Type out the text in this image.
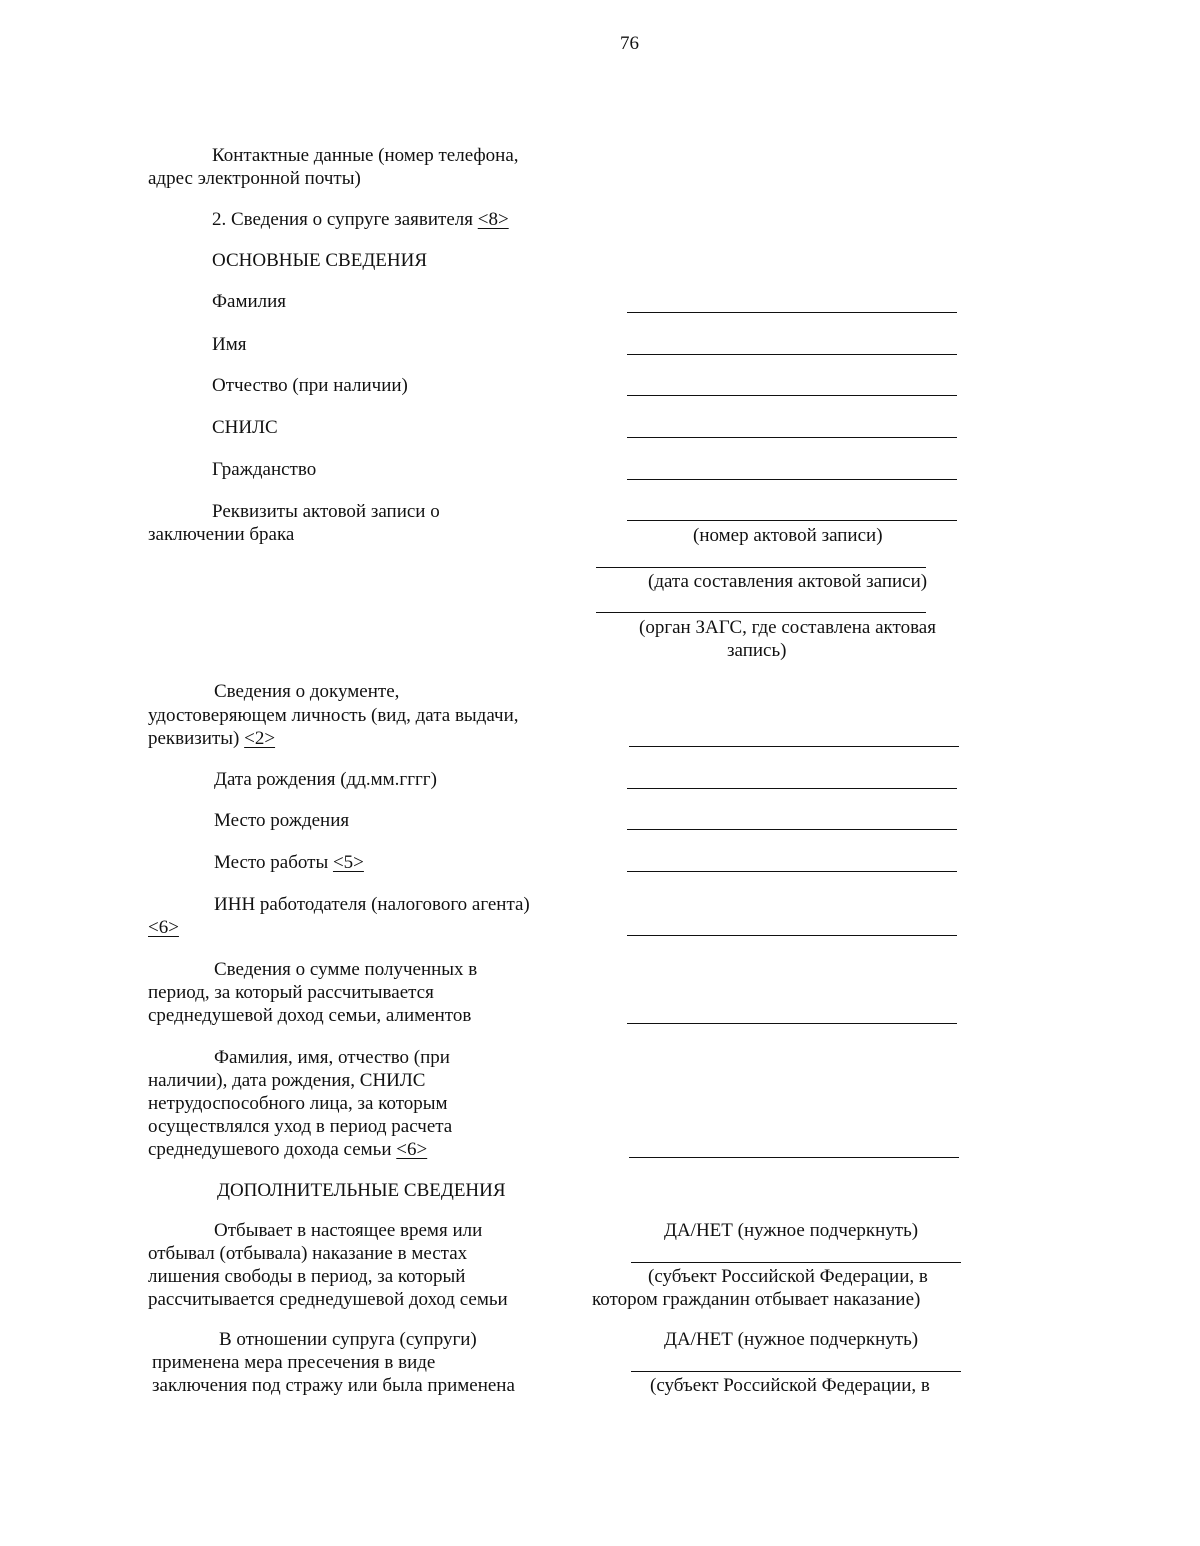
76
Контактные данные (номер телефона,
адрес электронной почты)
2. Сведения о супруге заявителя <8>
ОСНОВНЫЕ СВЕДЕНИЯ
Фамилия
Имя
Отчество (при наличии)
СНИЛС
Гражданство
Реквизиты актовой записи о
заключении брака	(номер актовой записи)
(дата составления актовой записи)
(орган ЗАГС, где составлена актовая
запись)
Сведения о документе,
удостоверяющем личность (вид, дата выдачи,
реквизиты) <2>
Дата рождения (дд.мм.гггг)
Место рождения
Место работы <5>
ИНН работодателя (налогового агента)
<6>
Сведения о сумме полученных в
период, за который рассчитывается
среднедушевой доход семьи, алиментов
Фамилия, имя, отчество (при
наличии), дата рождения, СНИЛС
нетрудоспособного лица, за которым
осуществлялся уход в период расчета
среднедушевого дохода семьи <6>
ДОПОЛНИТЕЛЬНЫЕ СВЕДЕНИЯ
Отбывает в настоящее время или
отбывал (отбывала) наказание в местах
лишения свободы в период, за который
рассчитывается среднедушевой доход семьи
ДА/НЕТ (нужное подчеркнуть)
(субъект Российской Федерации, в
котором гражданин отбывает наказание)
В отношении супруга (супруги)
применена мера пресечения в виде
заключения под стражу или была применена
ДА/НЕТ (нужное подчеркнуть)
(субъект Российской Федерации, в
